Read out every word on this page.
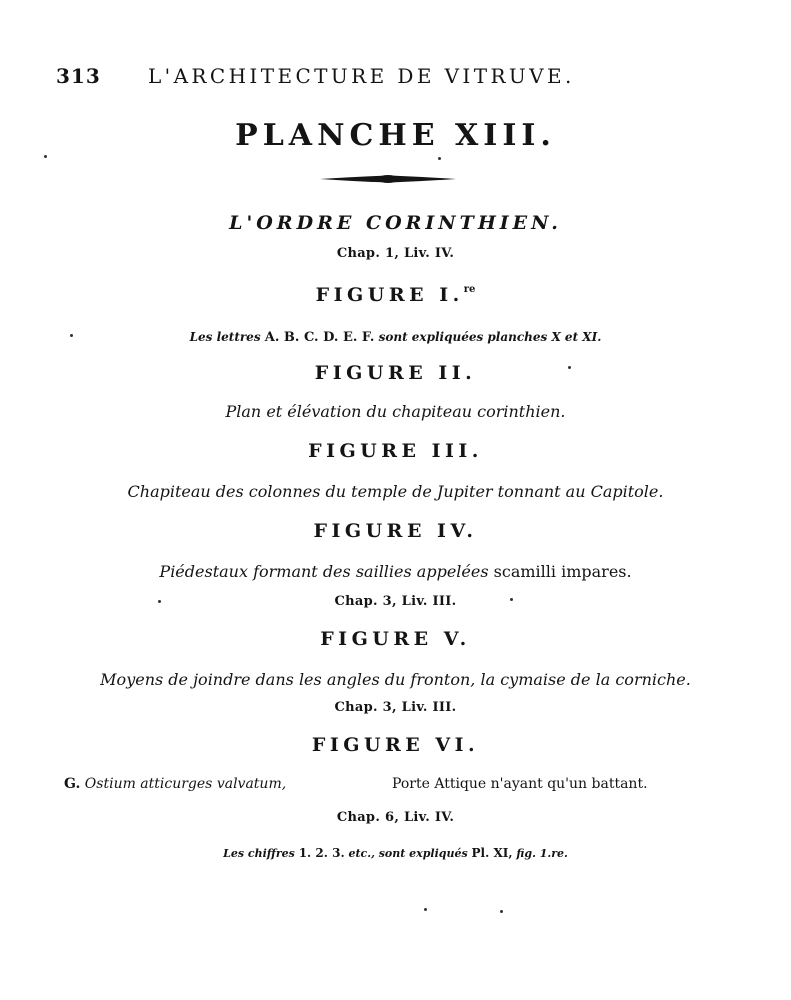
313 L'ARCHITECTURE DE VITRUVE.
PLANCHE XIII.
L'ORDRE CORINTHIEN.
Chap. 1, Liv. IV.
FIGURE I.$^{re}$
Les lettres A. B. C. D. E. F. sont expliquées planches X et XI.
FIGURE II.
Plan et élévation du chapiteau corinthien.
FIGURE III.
Chapiteau des colonnes du temple de Jupiter tonnant au Capitole.
FIGURE IV.
Piédestaux formant des saillies appelées scamilli impares.
Chap. 3, Liv. III.
FIGURE V.
Moyens de joindre dans les angles du fronton, la cymaise de la corniche.
Chap. 3, Liv. III.
FIGURE VI.
G. Ostium atticurges valvatum,	Porte Attique n'ayant qu'un battant.
Chap. 6, Liv. IV.
Les chiffres 1. 2. 3. etc., sont expliqués Pl. XI, fig. 1.re.
